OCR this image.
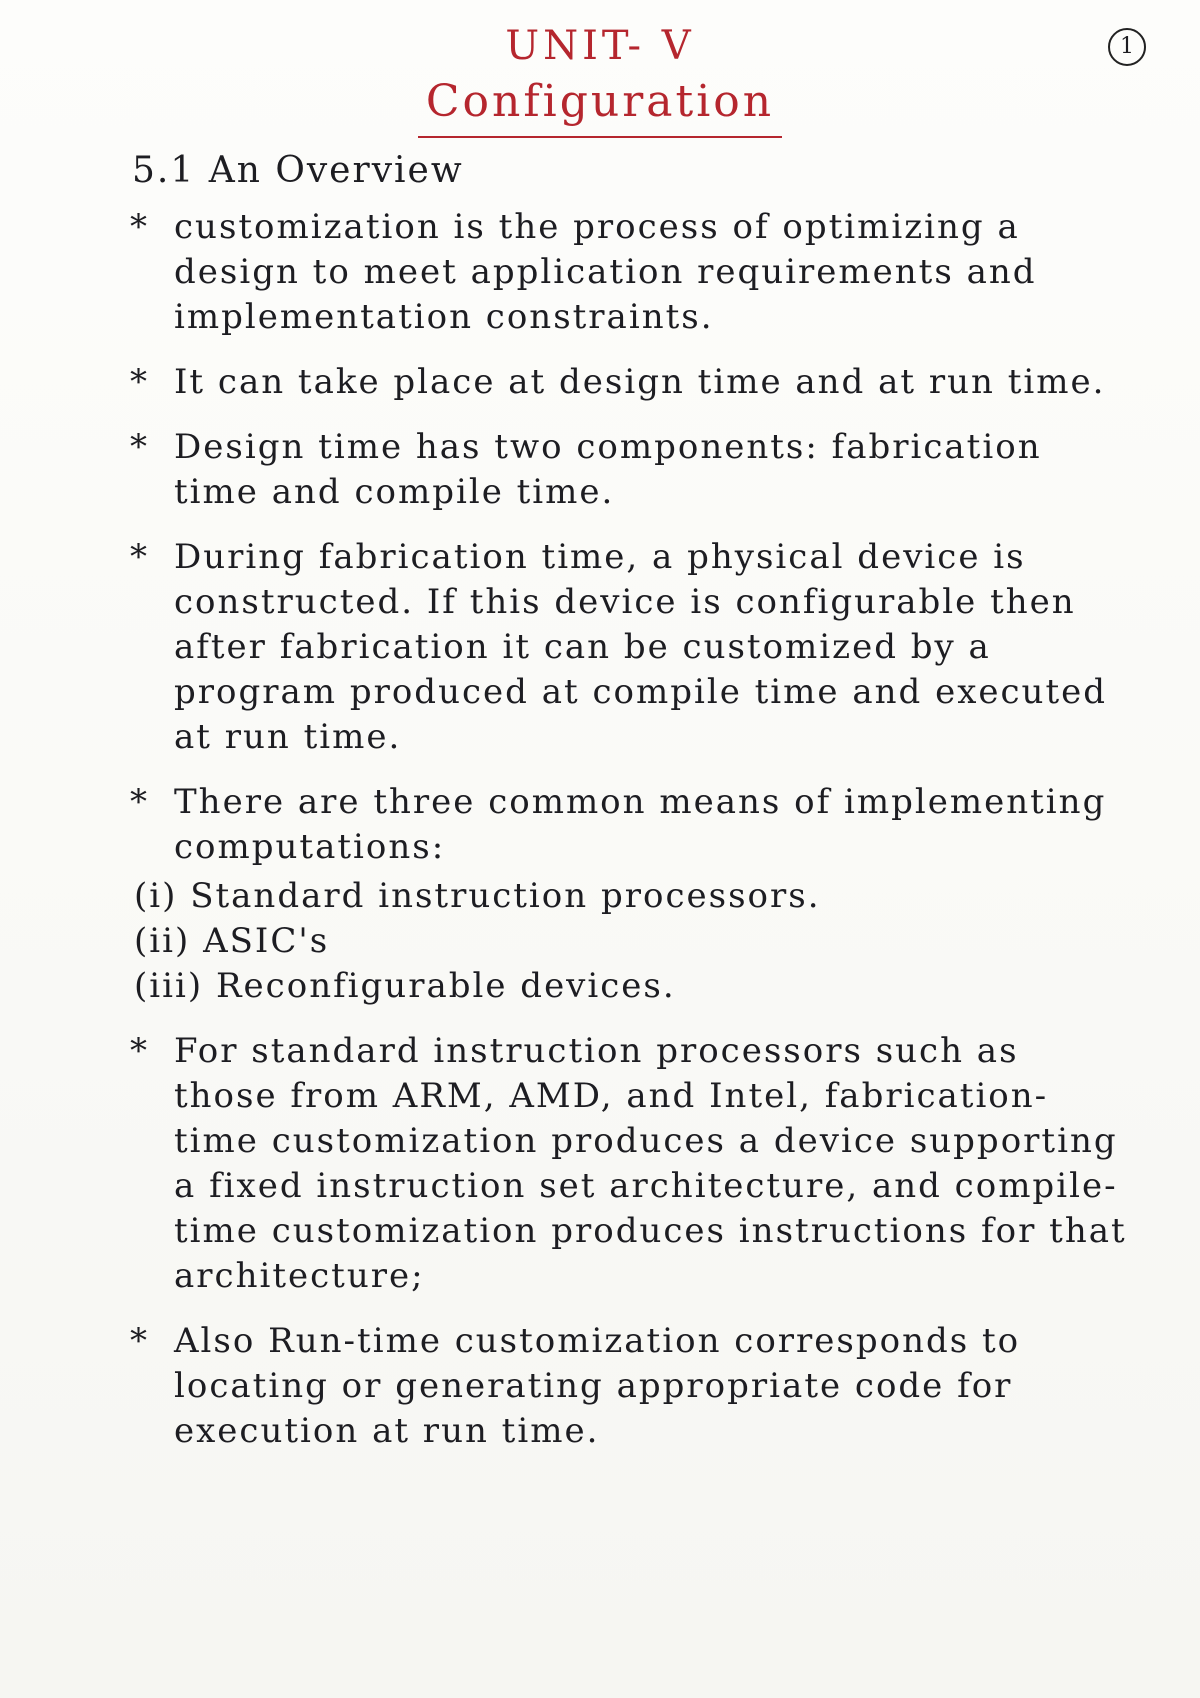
UNIT- V
Configuration
1
5.1 An Overview
* customization is the process of optimizing a design to meet application requirements and implementation constraints.
* It can take place at design time and at run time.
* Design time has two components: fabrication time and compile time.
* During fabrication time, a physical device is constructed. If this device is configurable then after fabrication it can be customized by a program produced at compile time and executed at run time.
* There are three common means of implementing computations:
(i) Standard instruction processors.
(ii) ASIC's
(iii) Reconfigurable devices.
* For standard instruction processors such as those from ARM, AMD, and Intel, fabrication-time customization produces a device supporting a fixed instruction set architecture, and compile-time customization produces instructions for that architecture;
* Also Run-time customization corresponds to locating or generating appropriate code for execution at run time.
